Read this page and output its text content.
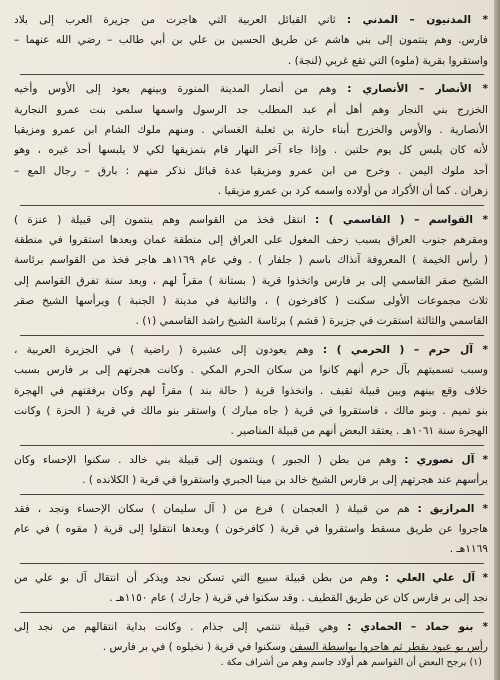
* المدنيون – المدني : ثاني القبائل العربية التي هاجرت من جزيرة العرب إلى بلاد
فارس. وهم ينتمون إلى بني هاشم عن طريق الحسين بن علي بن أبي طالب – رضي الله عنهما –
واستقروا بقرية (ملوه) التي تقع غربي (لنجة) .
* الأنصار – الأنصاري : وهم من أنصار المدينة المنورة وبينهم يعود إلى الأوس وأخيه
الخزرج بني النجار وهم أهل أم عبد المطلب جد الرسول واسمها سلمى بنت عمرو النجارية
الأنصارية . والأوس والخزرج أبناء حارثة بن ثعلبة الغساني . ومنهم ملوك الشام ابن عمرو ومزيقيا
لأنه كان يلبس كل يوم حلتين . وإذا جاء آخر النهار قام بتمزيقها لكي لا يلبسها أحد غيره ، وهو
أحد ملوك اليمن . وخرج من ابن عمرو ومزيقيا عدة قبائل نذكر منهم : بارق – رجال المع –
زهران . كما أن الأكراد من أولاده واسمه كرد بن عمرو مزيقيا .
* القواسم – ( القاسمي ) : انتقل فخذ من القواسم وهم ينتمون إلى قبيلة ( عنزة )
ومقرهم جنوب العراق بسبب زحف المغول على العراق إلى منطقة عمان وبعدها استقروا في منطقة
( رأس الخيمة ) المعروفة آنذاك باسم ( جلفار ) . وفي عام ١١٦٩هـ هاجر فخذ من القواسم برئاسة
الشيخ صقر القاسمي إلى بر فارس واتخذوا قرية ( بستانة ) مقراً لهم ، وبعد سنة تفرق القواسم إلى
ثلاث مجموعات الأولى سكنت ( كافرخون ) ، والثانية في مدينة ( الجنبة ) ويرأسها الشيخ صقر
القاسمي والثالثة استقرت في جزيرة ( قشم ) برئاسة الشيخ راشد القاسمي (١) .
* آل حرم – ( الحرمي ) : وهم يعودون إلى عشيرة ( راضية ) في الجزيرة العربية ،
وسبب تسميتهم بآل حرم أنهم كانوا من سكان الحرم المكي . وكانت هجرتهم إلى بر فارس بسبب
خلاف وقع بينهم وبين قبيلة ثقيف . واتخذوا قرية ( حالة بند ) مقراً لهم وكان برفقتهم في الهجرة
بنو تميم . وبنو مالك ، فاستقروا في قرية ( جاه مبارك ) واستقر بنو مالك في قرية ( الحزة ) وكانت
الهجرة سنة ١٠٦١هـ . يعتقد البعض أنهم من قبيلة المناصير .
* آل نصوري : وهم من بطن ( الجبور ) وينتمون إلى قبيلة بني خالد . سكنوا الإحساء وكان
يرأسهم عند هجرتهم إلى بر فارس الشيخ خالد بن مينا الجبري واستقروا في قرية ( الكلانده ) .
* المرازيق : هم من قبيلة ( العجمان ) فرع من ( آل سليمان ) سكان الإحساء ونجد ، فقد
هاجروا عن طريق مسقط واستقروا في قرية ( كافرخون ) وبعدها انتقلوا إلى قرية ( مقوه ) في عام
١١٦٩هـ .
* آل علي العلي : وهم من بطن قبيلة سبيع التي تسكن نجد ويذكر أن انتقال آل بو علي من
نجد إلى بر فارس كان عن طريق القطيف . وقد سكنوا في قرية ( جارك ) عام ١١٥٠هـ .
* بنو حماد – الحمادي : وهي قبيلة تنتمي إلى جذام . وكانت بداية انتقالهم من نجد إلى
رأس بو عبود بقطر ثم هاجروا بواسطة السفن وسكنوا في قرية ( نخيلوه ) في بر فارس .
(١) يرجح البعض أن القواسم هم أولاد جاسم وهم من أشراف مكة .
